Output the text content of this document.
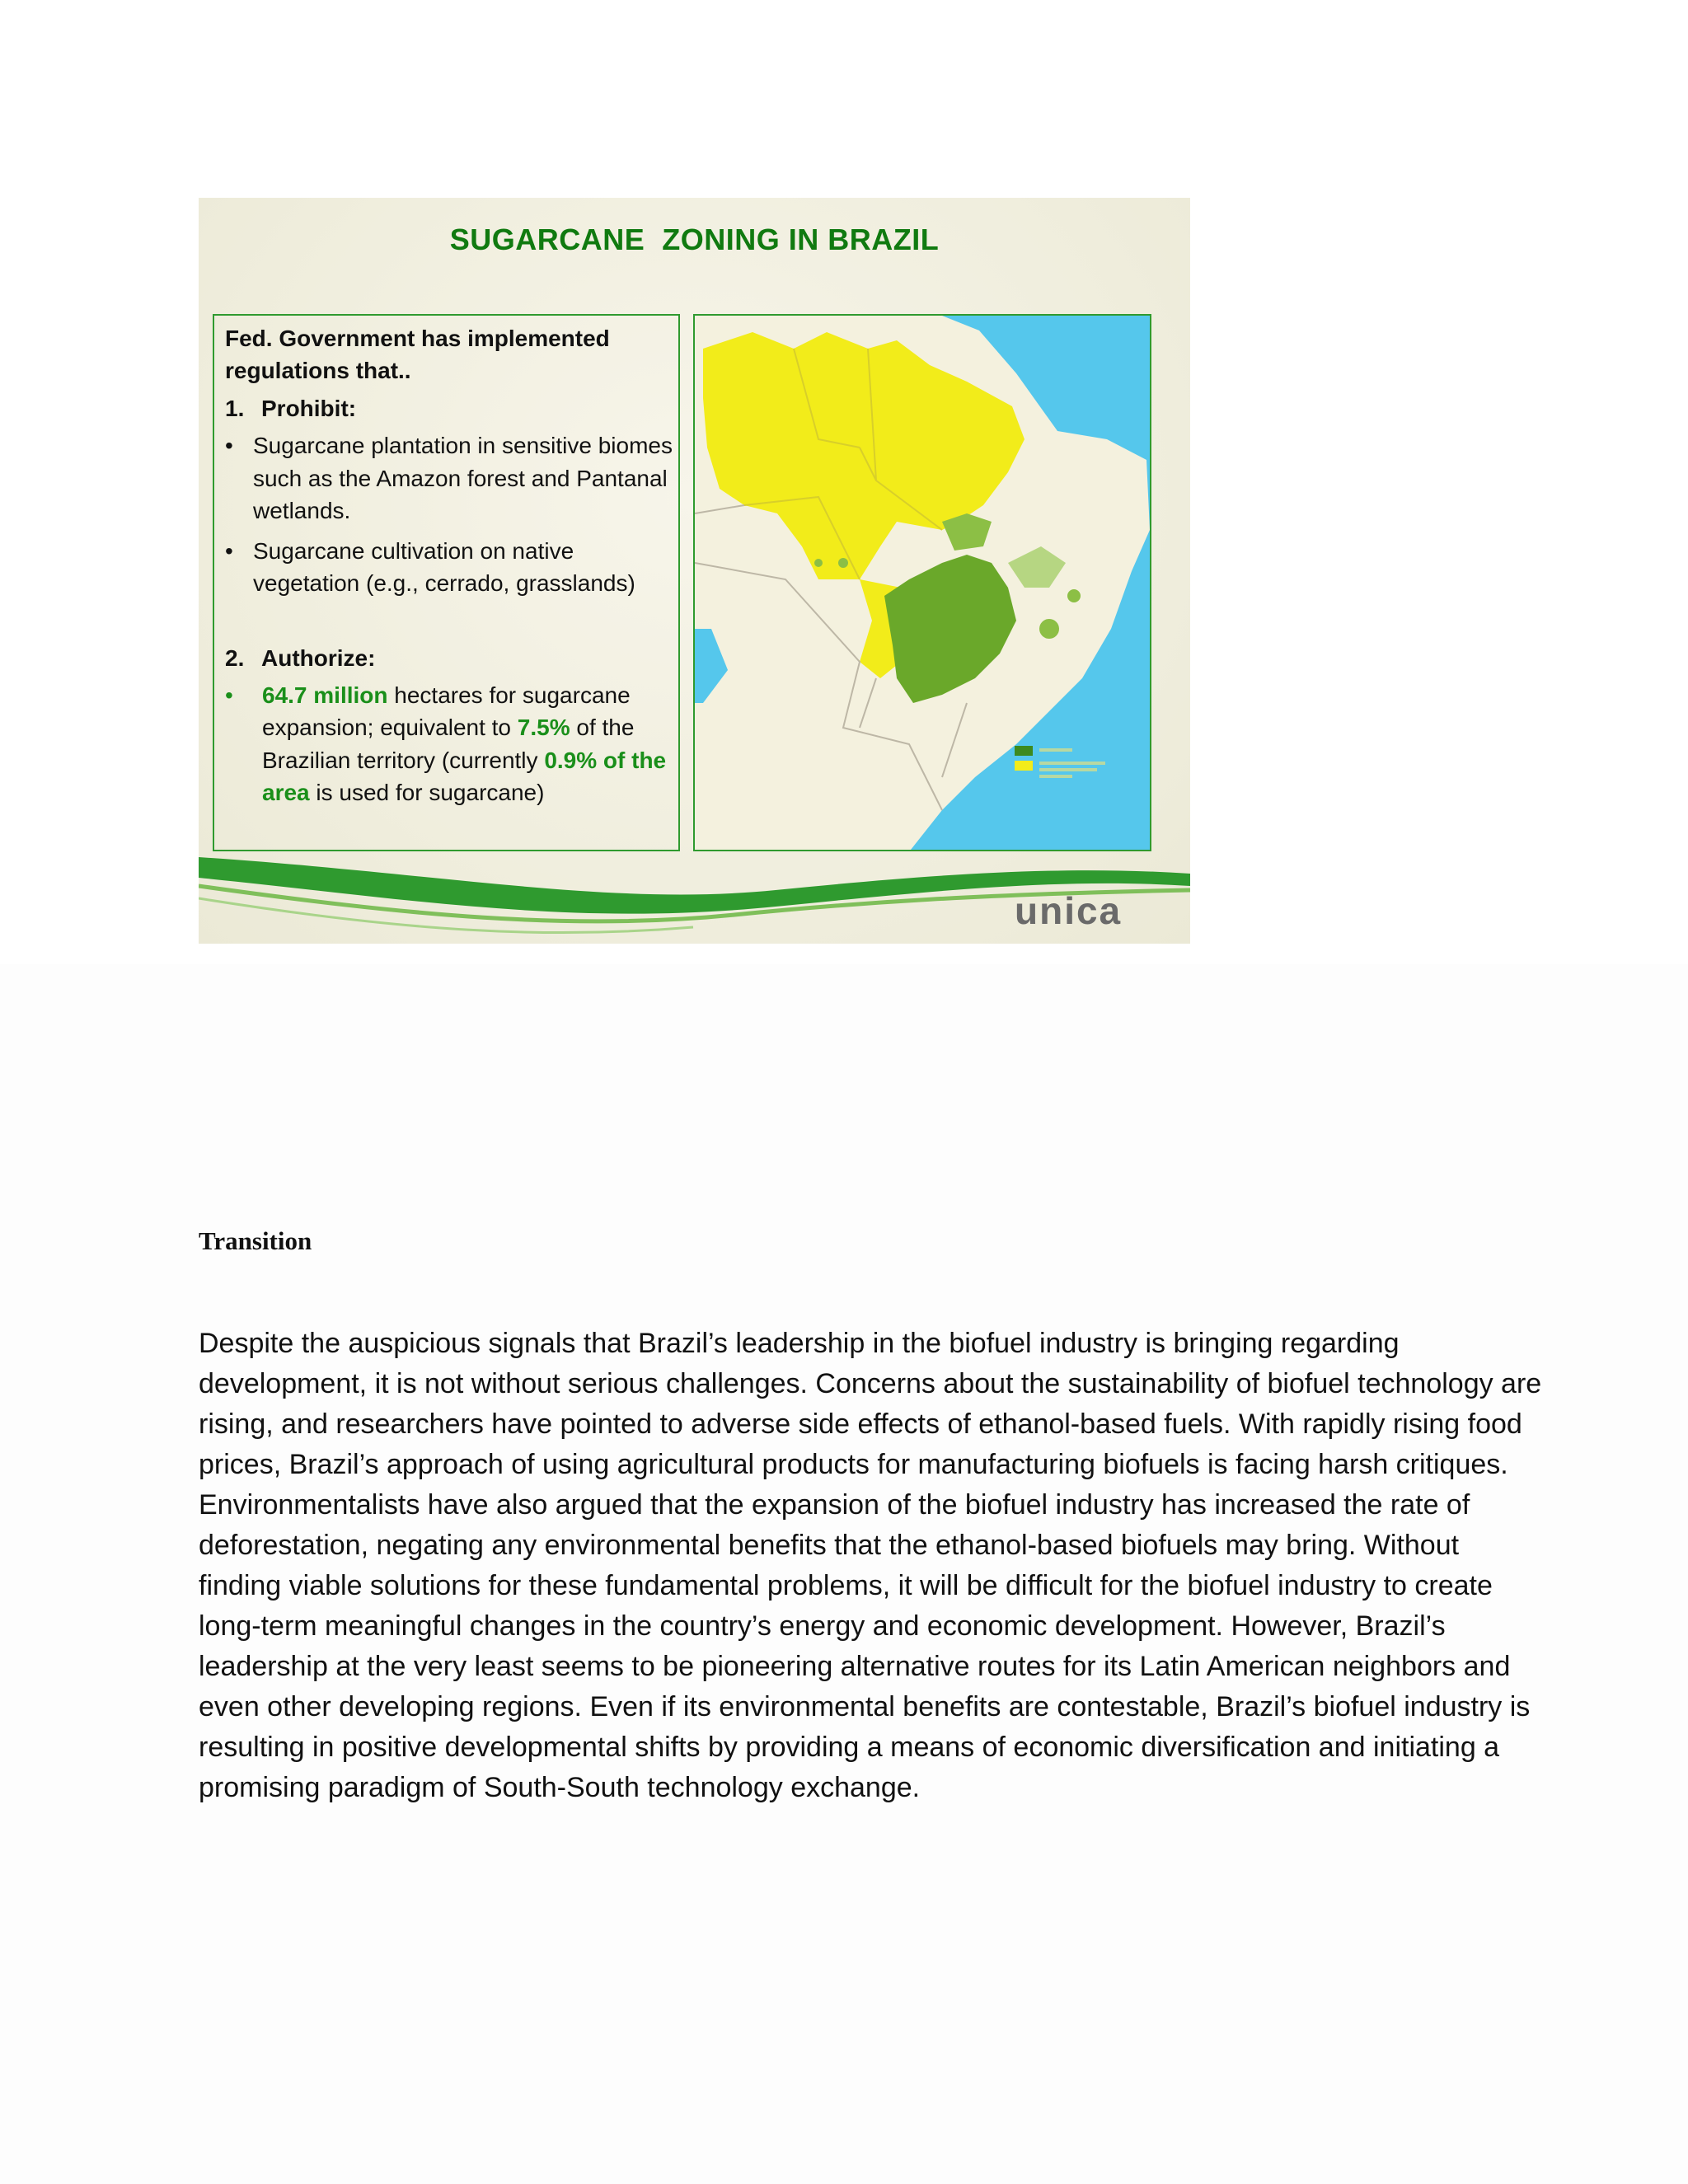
SUGARCANE  ZONING IN BRAZIL

Fed. Government has implemented regulations that..

1. Prohibit:
• Sugarcane plantation in sensitive biomes such as the Amazon forest and Pantanal wetlands.
• Sugarcane cultivation on native vegetation (e.g., cerrado, grasslands)
2. Authorize:
• 64.7 million hectares for sugarcane expansion; equivalent to 7.5% of the Brazilian territory (currently 0.9% of the area is used for sugarcane)
unica
Transition

Despite the auspicious signals that Brazil’s leadership in the biofuel industry is bringing regarding development, it is not without serious challenges. Concerns about the sustainability of biofuel technology are rising, and researchers have pointed to adverse side effects of ethanol-based fuels. With rapidly rising food prices, Brazil’s approach of using agricultural products for manufacturing biofuels is facing harsh critiques. Environmentalists have also argued that the expansion of the biofuel industry has increased the rate of deforestation, negating any environmental benefits that the ethanol-based biofuels may bring. Without finding viable solutions for these fundamental problems, it will be difficult for the biofuel industry to create long-term meaningful changes in the country’s energy and economic development. However, Brazil’s leadership at the very least seems to be pioneering alternative routes for its Latin American neighbors and even other developing regions. Even if its environmental benefits are contestable, Brazil’s biofuel industry is resulting in positive developmental shifts by providing a means of economic diversification and initiating a promising paradigm of South-South technology exchange.
